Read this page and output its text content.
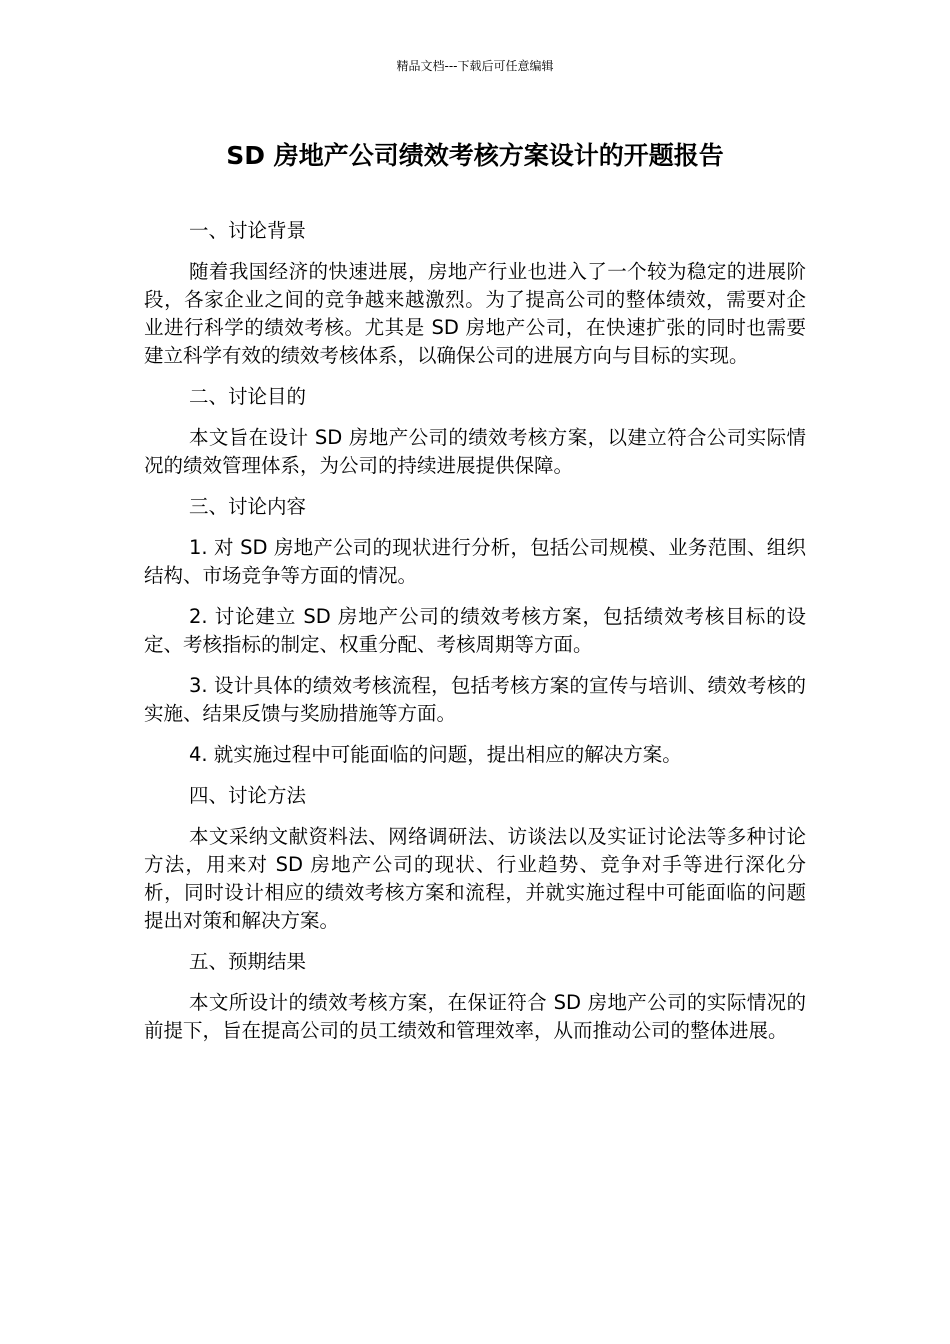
精品文档---下载后可任意编辑
SD 房地产公司绩效考核方案设计的开题报告

一、讨论背景

随着我国经济的快速进展，房地产行业也进入了一个较为稳定的进展阶段，各家企业之间的竞争越来越激烈。为了提高公司的整体绩效，需要对企业进行科学的绩效考核。尤其是 SD 房地产公司，在快速扩张的同时也需要建立科学有效的绩效考核体系，以确保公司的进展方向与目标的实现。

二、讨论目的

本文旨在设计 SD 房地产公司的绩效考核方案，以建立符合公司实际情况的绩效管理体系，为公司的持续进展提供保障。

三、讨论内容

1. 对 SD 房地产公司的现状进行分析，包括公司规模、业务范围、组织结构、市场竞争等方面的情况。

2. 讨论建立 SD 房地产公司的绩效考核方案，包括绩效考核目标的设定、考核指标的制定、权重分配、考核周期等方面。

3. 设计具体的绩效考核流程，包括考核方案的宣传与培训、绩效考核的实施、结果反馈与奖励措施等方面。

4. 就实施过程中可能面临的问题，提出相应的解决方案。

四、讨论方法

本文采纳文献资料法、网络调研法、访谈法以及实证讨论法等多种讨论方法，用来对 SD 房地产公司的现状、行业趋势、竞争对手等进行深化分析，同时设计相应的绩效考核方案和流程，并就实施过程中可能面临的问题提出对策和解决方案。

五、预期结果

本文所设计的绩效考核方案，在保证符合 SD 房地产公司的实际情况的前提下，旨在提高公司的员工绩效和管理效率，从而推动公司的整体进展。
